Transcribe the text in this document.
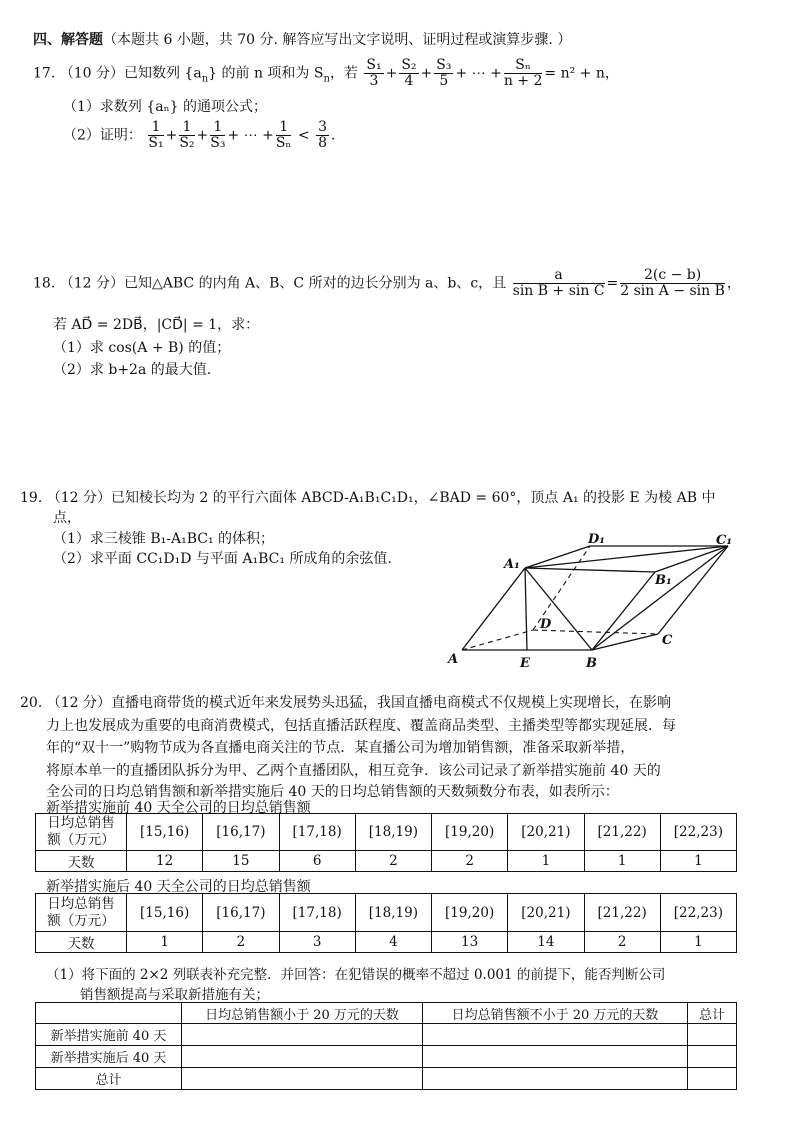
四、解答题（本题共 6 小题，共 70 分. 解答应写出文字说明、证明过程或演算步骤. ）
17. （10 分）已知数列 $\{a_n\}$ 的前 n 项和为 $S_n$，若 $\frac{\text{S₁}}{3} + \frac{\text{S₂}}{4} + \frac{\text{S₃}}{5}$ + ⋯ + $\frac{\text{Sₙ}}{n + 2} = n^2 + n$，
（1）求数列 {aₙ} 的通项公式；
（2）证明： $\frac{1}{\text{S₁}} + \frac{1}{\text{S₂}} + \frac{1}{\text{S₃}}$ + ⋯ + $\frac{1}{\text{Sₙ}} < \frac{3}{8}$ .
18. （12 分）已知△ABC 的内角 A、B、C 所对的边长分别为 a、b、c，且 $\frac{a}{\text{sin B + sin C}} = \frac{2(c - b)}{\text{2 sin A − sin B}}$ ，
若 AD⃗ = 2DB⃗，|CD⃗| = 1，求：
（1）求 cos(A + B) 的值；
（2）求 b+2a 的最大值.
19. （12 分）已知棱长均为 2 的平行六面体 ABCD-A₁B₁C₁D₁，∠BAD = 60°，顶点 A₁ 的投影 E 为棱 AB 中
点，
（1）求三棱锥 B₁-A₁BC₁ 的体积；
（2）求平面 CC₁D₁D 与平面 A₁BC₁ 所成角的余弦值.
D₁	C₁
A₁
B₁
D
C
A	E	B
20. （12 分）直播电商带货的模式近年来发展势头迅猛，我国直播电商模式不仅规模上实现增长，在影响
力上也发展成为重要的电商消费模式，包括直播活跃程度、覆盖商品类型、主播类型等都实现延展．每
年的“双十一”购物节成为各直播电商关注的节点．某直播公司为增加销售额，准备采取新举措，
将原本单一的直播团队拆分为甲、乙两个直播团队，相互竞争．该公司记录了新举措实施前 40 天的
全公司的日均总销售额和新举措实施后 40 天的日均总销售额的天数频数分布表，如表所示：
新举措实施前 40 天全公司的日均总销售额
日均总销售
额（万元）	[15,16)	[16,17)	[17,18)	[18,19)	[19,20)	[20,21)	[21,22)	[22,23)
天数	12	15	6	2	2	1	1	1
新举措实施后 40 天全公司的日均总销售额
日均总销售
额（万元）	[15,16)	[16,17)	[17,18)	[18,19)	[19,20)	[20,21)	[21,22)	[22,23)
天数	1	2	3	4	13	14	2	1
（1）将下面的 2×2 列联表补充完整．并回答：在犯错误的概率不超过 0.001 的前提下，能否判断公司
销售额提高与采取新措施有关；
	日均总销售额小于 20 万元的天数	日均总销售额不小于 20 万元的天数	总计
新举措实施前 40 天			
新举措实施后 40 天			
总计			
